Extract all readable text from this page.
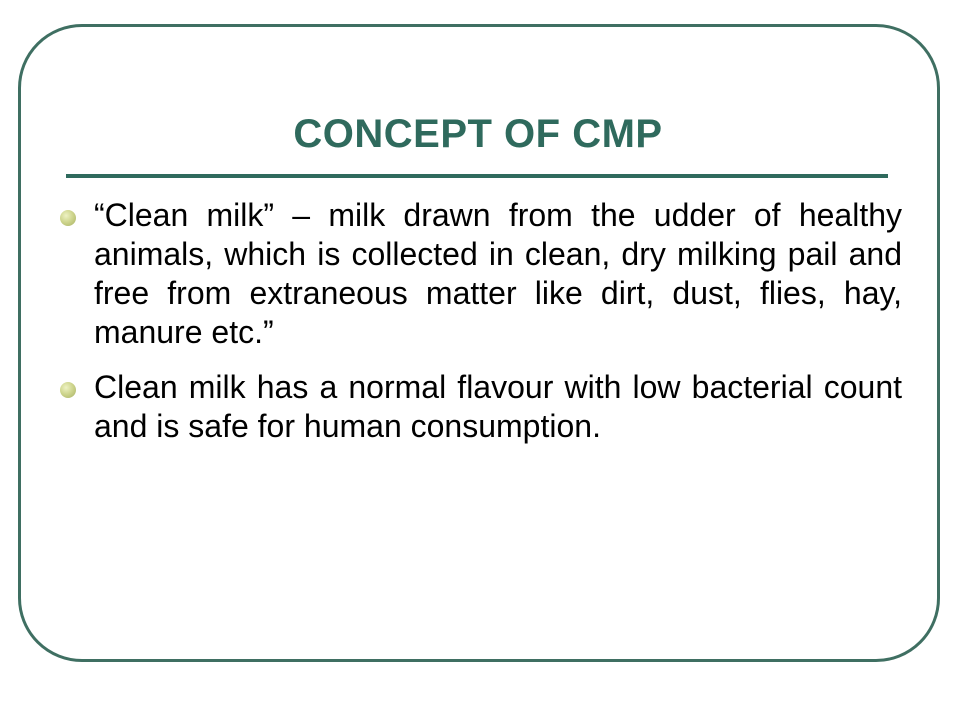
CONCEPT OF CMP
“Clean milk” – milk drawn from the udder of healthy animals, which is collected in clean, dry milking pail and free from extraneous matter like dirt, dust, flies, hay, manure etc.”
Clean milk has a normal flavour with low bacterial count and is safe for human consumption.
